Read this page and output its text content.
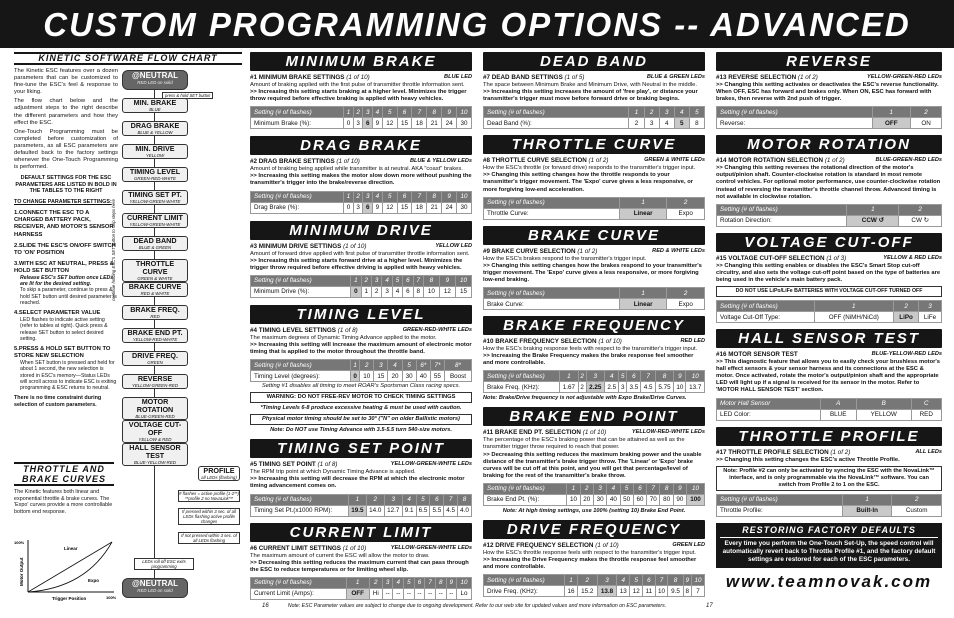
CUSTOM PROGRAMMING OPTIONS -- ADVANCED
KINETIC SOFTWARE FLOW CHART
The Kinetic ESC features over a dozen parameters that can be customized to fine-tune the ESC's feel & response to your liking.
The flow chart below and the adjustment steps to the right describe the different parameters and how they effect the ESC.
One-Touch Programming must be completed before customization of parameters, as all ESC parameters are defaulted back to the factory settings whenever the One-Touch Programming is performed.
DEFAULT SETTINGS FOR THE ESC PARAMETERS ARE LISTED IN BOLD IN THE TABLES TO THE RIGHT
TO CHANGE PARAMETER SETTINGS:
1.CONNECT THE ESC TO A CHARGED BATTERY PACK, RECEIVER, AND MOTOR'S SENSOR HARNESS
2.SLIDE THE ESC'S ON/OFF SWITCH TO 'ON' POSITION
3.WITH ESC AT NEUTRAL, PRESS & HOLD SET BUTTON
Release ESC's SET button once LEDs are lit for the desired setting.
To skip a parameter, continue to press & hold SET button until desired parameter is reached.
4.SELECT PARAMETER VALUE
LED flashes to indicate active setting (refer to tables at right). Quick press & release SET button to select desired setting.
5.PRESS & HOLD SET BUTTON TO STORE NEW SELECTION
When SET button is pressed and held for about 1 second, the new selection is stored in ESC's memory—Status LEDs will scroll across to indicate ESC is exiting programming & ESC returns to neutral.
There is no time constraint during selection of custom parameters.
THROTTLE AND BRAKE CURVES
The Kinetic features both linear and exponential throttle & brake curves. The 'Expo' curves provide a more controllable bottom end response.
Linear
Expo
100%
100%
Trigger Position
Motor Output
@NEUTRAL
RED LED on solid
press & hold SET button
continue holding ESC's SET button to skip steps here
MIN. BRAKE
BLUE
DRAG BRAKE
BLUE & YELLOW
MIN. DRIVE
YELLOW
TIMING LEVEL
GREEN-RED-WHITE
TIMING SET PT.
YELLOW-GREEN-WHITE
CURRENT LIMIT
YELLOW-GREEN-WHITE
DEAD BAND
BLUE & GREEN
THROTTLE CURVE
GREEN & WHITE
BRAKE CURVE
RED & WHITE
BRAKE FREQ.
RED
BRAKE END PT.
YELLOW-RED-WHITE
DRIVE FREQ.
GREEN
REVERSE
YELLOW-GREEN-RED
MOTOR ROTATION
BLUE-GREEN-RED
VOLTAGE CUT-OFF
YELLOW & RED
HALL SENSOR TEST
BLUE-YELLOW-RED
PROFILE
all LEDs (flashing)
# flashes = active profile (1-2**)
**profile 2 no NovaLink™
If pressed within 3 sec. of all LEDs flashing active profile changes
If not pressed within 3 sec. of all LEDs flashing
LEDs roll off ESC exits programming
@NEUTRAL
RED LED on solid
MINIMUM BRAKE
#1 MINIMUM BRAKE SETTINGS (1 of 10)	BLUE LED
Amount of braking applied with the first pulse of transmitter throttle information sent.
>> Increasing this setting starts braking at a higher level. Minimizes the trigger throw required before effective braking is applied with heavy vehicles.
Setting (# of flashes)	1	2	3	4	5	6	7	8	9	10
Minimum Brake (%):	0	3	6	9	12	15	18	21	24	30
DRAG BRAKE
#2 DRAG BRAKE SETTINGS (1 of 10)	BLUE & YELLOW LEDs
Amount of braking being applied while transmitter is at neutral. AKA "coast" brakes.
>> Increasing this setting makes the motor slow down more without pushing the transmitter's trigger into the brake/reverse direction.
Setting (# of flashes)	1	2	3	4	5	6	7	8	9	10
Drag Brake (%):	0	3	6	9	12	15	18	21	24	30
MINIMUM DRIVE
#3 MINIMUM DRIVE SETTINGS (1 of 10)	YELLOW LED
Amount of forward drive applied with first pulse of transmitter throttle information sent.
>> Increasing this setting starts forward drive at a higher level. Minimizes the trigger throw required before effective driving is applied with heavy vehicles.
Setting (# of flashes)	1	2	3	4	5	6	7	8	9	10
Minimum Drive (%):	0	1	2	3	4	6	8	10	12	15
TIMING LEVEL
#4 TIMING LEVEL SETTINGS (1 of 8)	GREEN-RED-WHITE LEDs
The maximum degrees of Dynamic Timing Advance applied to the motor.
>> Increasing this setting will increase the maximum amount of electronic motor timing that is applied to the motor throughout the throttle band.
Setting (# of flashes)	1	2	3	4	5	6*	7*	8*
Timing Level (degrees):	0	10	15	20	30	40	55	Boost
Setting #1 disables all timing to meet ROAR's Sportsman Class racing specs.
WARNING: DO NOT FREE-REV MOTOR TO CHECK TIMING SETTINGS
*Timing Levels 6-8 produce excessive heating & must be used with caution.
Physical motor timing should be set to 30° ("N" on older Ballistic motors)
Note: Do NOT use Timing Advance with 3.5-5.5 turn 540-size motors.
TIMING SET POINT
#5 TIMING SET POINT (1 of 8)	YELLOW-GREEN-WHITE LEDs
The RPM trip point at which Dynamic Timing Advance is applied.
>> Increasing this setting will decrease the RPM at which the electronic motor timing advancement comes on.
Setting (# of flashes)	1	2	3	4	5	6	7	8
Timing Set Pt.(x1000 RPM):	19.5	14.0	12.7	9.1	6.5	5.5	4.5	4.0
CURRENT LIMIT
#6 CURRENT LIMIT SETTINGS (1 of 10)	YELLOW-GREEN-WHITE LEDs
The maximum amount of current the ESC will allow the motor to draw.
>> Decreasing this setting reduces the maximum current that can pass through the ESC to reduce temperatures or for limiting wheel slip.
Setting (# of flashes)	1	2	3	4	5	6	7	8	9	10
Current Limit (Amps):	OFF	Hi	--	--	--	--	--	--	--	Lo
DEAD BAND
#7 DEAD BAND SETTINGS (1 of 5)	BLUE & GREEN LEDs
The space between Minimum Brake and Minimum Drive, with Neutral in the middle.
>> Increasing this setting increases the amount of 'free play', or distance your transmitter's trigger must move before forward drive or braking begins.
Setting (# of flashes)	1	2	3	4	5
Dead Band (%):	2	3	4	5	8
THROTTLE CURVE
#8 THROTTLE CURVE SELECTION (1 of 2)	GREEN & WHITE LEDs
How the ESC's throttle (or forward drive) responds to the transmitter's trigger input.
>> Changing this setting changes how the throttle responds to your transmitter's trigger movement. The 'Expo' curve gives a less responsive, or more forgiving low-end acceleration.
Setting (# of flashes)	1	2
Throttle Curve:	Linear	Expo
BRAKE CURVE
#9 BRAKE CURVE SELECTION (1 of 2)	RED & WHITE LEDs
How the ESC's brakes respond to the transmitter's trigger input.
>> Changing this setting changes how the brakes respond to your transmitter's trigger movement. The 'Expo' curve gives a less responsive, or more forgiving low-end braking.
Setting (# of flashes)	1	2
Brake Curve:	Linear	Expo
BRAKE FREQUENCY
#10 BRAKE FREQUENCY SELECTION (1 of 10)	RED LED
How the ESC's braking response feels with respect to the transmitter's trigger input.
>> Increasing the Brake Frequency makes the brake response feel smoother and more controllable.
Setting (# of flashes)	1	2	3	4	5	6	7	8	9	10
Brake Freq. (KHz):	1.67	2	2.25	2.5	3	3.5	4.5	5.75	10	13.7
Note: Brake/Drive frequency is not adjustable with Expo Brake/Drive Curves.
BRAKE END POINT
#11 BRAKE END PT. SELECTION (1 of 10)	YELLOW-RED-WHITE LEDs
The percentage of the ESC's braking power that can be attained as well as the transmitter trigger throw required to reach that power.
>> Decreasing this setting reduces the maximum braking power and the usable distance of the transmitter's brake trigger throw. The 'Linear' or 'Expo' brake curves will be cut off at this point, and you will get that percentage/level of braking for the rest of the transmitter's brake throw.
Setting (# of flashes)	1	2	3	4	5	6	7	8	9	10
Brake End Pt. (%):	10	20	30	40	50	60	70	80	90	100
Note: At high timing settings, use 100% (setting 10) Brake End Point.
DRIVE FREQUENCY
#12 DRIVE FREQUENCY SELECTION (1 of 10)	GREEN LED
How the ESC's throttle response feels with respect to the transmitter's trigger input.
>> Increasing the Drive Frequency makes the throttle response feel smoother and more controllable.
Setting (# of flashes)	1	2	3	4	5	6	7	8	9	10
Drive Freq. (KHz):	16	15.2	13.8	13	12	11	10	9.5	8	7
REVERSE
#13 REVERSE SELECTION (1 of 2)	YELLOW-GREEN-RED LEDs
>> Changing this setting activates or deactivates the ESC's reverse functionality. When OFF, ESC has forward and brakes only. When ON, ESC has forward with brakes, then reverse with 2nd push of trigger.
Setting (# of flashes)	1	2
Reverse:	OFF	ON
MOTOR ROTATION
#14 MOTOR ROTATION SELECTION (1 of 2)	BLUE-GREEN-RED LEDs
>> Changing this setting reverses the rotational direction of the motor's output/pinion shaft. Counter-clockwise rotation is standard in most remote control vehicles. For optional motor performance, use counter-clockwise rotation instead of reversing the transmitter's throttle channel throw. Advanced timing is not available in clockwise rotation.
Setting (# of flashes)	1	2
Rotation Direction:	CCW ↺	CW ↻
VOLTAGE CUT-OFF
#15 VOLTAGE CUT-OFF SELECTION (1 of 3)	YELLOW & RED LEDs
>> Changing this setting enables or disables the ESC's Smart Stop cut-off circuitry, and also sets the voltage cut-off point based on the type of batteries are being used in the vehicle's main battery pack.
DO NOT USE LiPo/LiFe BATTERIES WITH VOLTAGE CUT-OFF TURNED OFF
Setting (# of flashes)	1	2	3
Voltage Cut-Off Type:	OFF (NiMH/NiCd)	LiPo	LiFe
HALL SENSOR TEST
#16 MOTOR SENSOR TEST	BLUE-YELLOW-RED LEDs
>> This diagnostic feature that allows you to easily check your brushless motor's hall effect sensors & your sensor harness and its connections at the ESC & motor. Once activated, rotate the motor's output/pinion shaft and the appropriate LED will light up if a signal is received for its sensor in the motor. Refer to 'MOTOR HALL SENSOR TEST' section.
Motor Hall Sensor	A	B	C
LED Color:	BLUE	YELLOW	RED
THROTTLE PROFILE
#17 THROTTLE PROFILE SELECTION (1 of 2)	ALL LEDs
>> Changing this setting changes the ESC's active Throttle Profile.
Note: Profile #2 can only be activated by syncing the ESC with the NovaLink™ interface, and is only programmable via the NovaLink™ software. You can switch from Profile 2 to 1 on the ESC.
Setting (# of flashes)	1	2
Throttle Profile:	Built-In	Custom
RESTORING FACTORY DEFAULTS
Every time you perform the One-Touch Set-Up, the speed control will automatically revert back to Throttle Profile #1, and the factory default settings are restored for each of the ESC parameters.
www.teamnovak.com
Note: ESC Parameter values are subject to change due to ongoing development. Refer to our web site for updated values and more information on ESC parameters.
16	17
